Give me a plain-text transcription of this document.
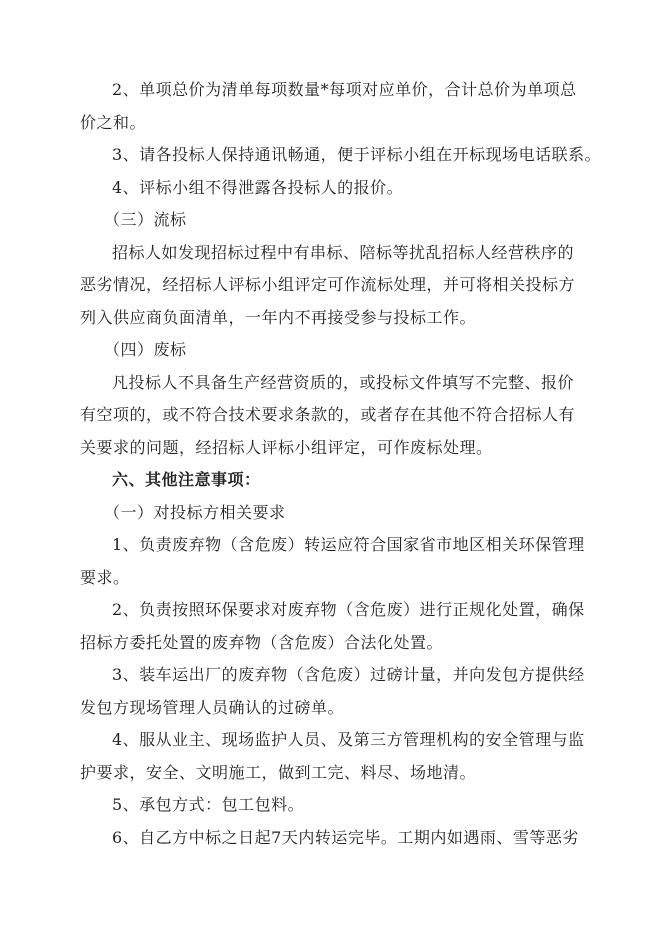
2、单项总价为清单每项数量*每项对应单价，合计总价为单项总
价之和。
3、请各投标人保持通讯畅通，便于评标小组在开标现场电话联系。
4、评标小组不得泄露各投标人的报价。
（三）流标
招标人如发现招标过程中有串标、陪标等扰乱招标人经营秩序的
恶劣情况，经招标人评标小组评定可作流标处理，并可将相关投标方
列入供应商负面清单，一年内不再接受参与投标工作。
（四）废标
凡投标人不具备生产经营资质的，或投标文件填写不完整、报价
有空项的，或不符合技术要求条款的，或者存在其他不符合招标人有
关要求的问题，经招标人评标小组评定，可作废标处理。
六、其他注意事项：
（一）对投标方相关要求
1、负责废弃物（含危废）转运应符合国家省市地区相关环保管理
要求。
2、负责按照环保要求对废弃物（含危废）进行正规化处置，确保
招标方委托处置的废弃物（含危废）合法化处置。
3、装车运出厂的废弃物（含危废）过磅计量，并向发包方提供经
发包方现场管理人员确认的过磅单。
4、服从业主、现场监护人员、及第三方管理机构的安全管理与监
护要求，安全、文明施工，做到工完、料尽、场地清。
5、承包方式：包工包料。
6、自乙方中标之日起7天内转运完毕。工期内如遇雨、雪等恶劣
